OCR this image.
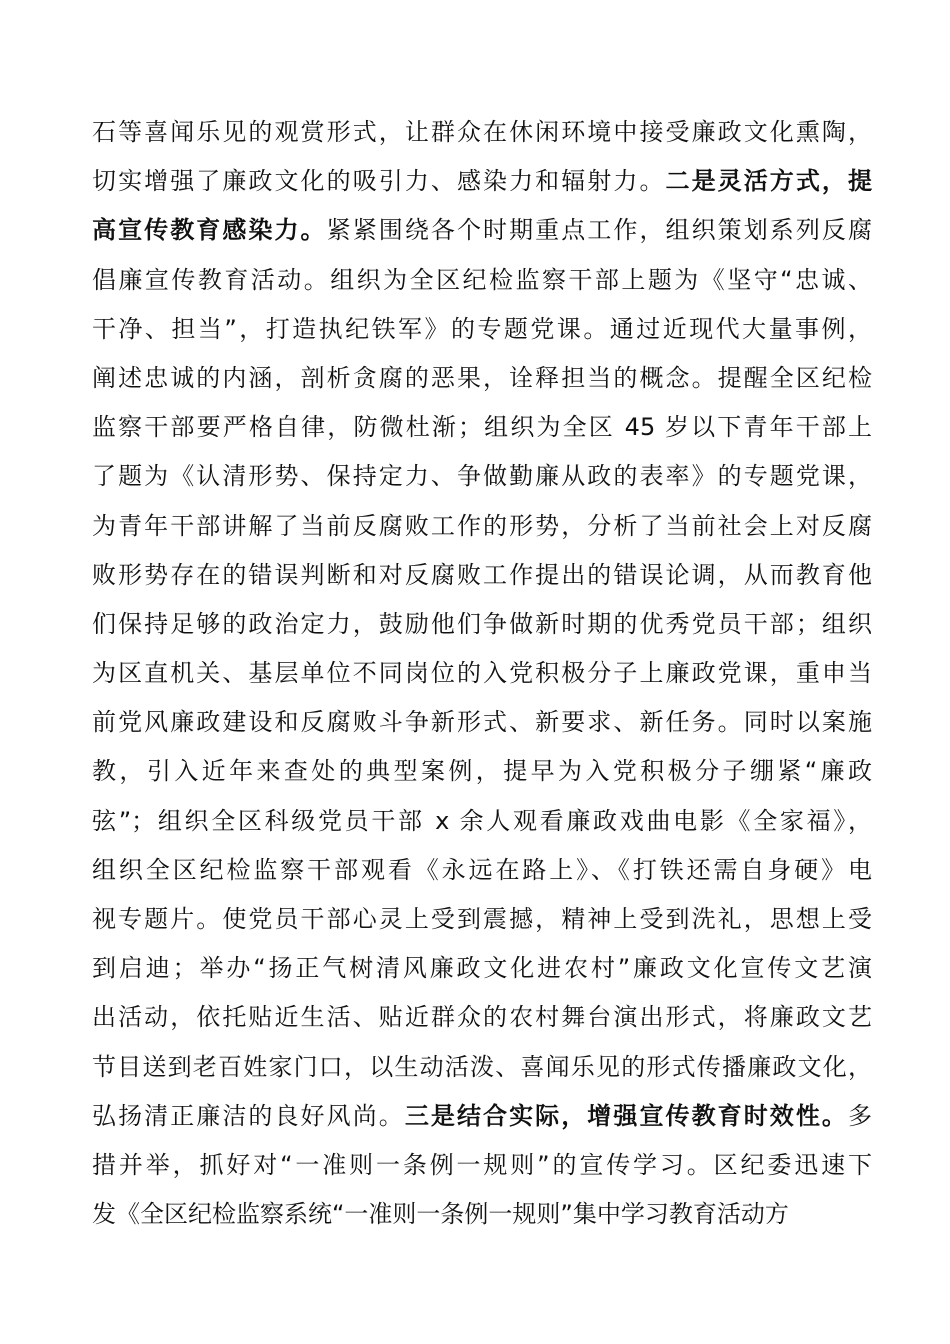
石等喜闻乐见的观赏形式，让群众在休闲环境中接受廉政文化熏陶，
切实增强了廉政文化的吸引力、感染力和辐射力。二是灵活方式，提
高宣传教育感染力。紧紧围绕各个时期重点工作，组织策划系列反腐
倡廉宣传教育活动。组织为全区纪检监察干部上题为《坚守“忠诚、
干净、担当”，打造执纪铁军》的专题党课。通过近现代大量事例，
阐述忠诚的内涵，剖析贪腐的恶果，诠释担当的概念。提醒全区纪检
监察干部要严格自律，防微杜渐；组织为全区 45 岁以下青年干部上
了题为《认清形势、保持定力、争做勤廉从政的表率》的专题党课，
为青年干部讲解了当前反腐败工作的形势，分析了当前社会上对反腐
败形势存在的错误判断和对反腐败工作提出的错误论调，从而教育他
们保持足够的政治定力，鼓励他们争做新时期的优秀党员干部；组织
为区直机关、基层单位不同岗位的入党积极分子上廉政党课，重申当
前党风廉政建设和反腐败斗争新形式、新要求、新任务。同时以案施
教，引入近年来查处的典型案例，提早为入党积极分子绷紧“廉政
弦”；组织全区科级党员干部 x 余人观看廉政戏曲电影《全家福》，
组织全区纪检监察干部观看《永远在路上》、《打铁还需自身硬》电
视专题片。使党员干部心灵上受到震撼，精神上受到洗礼，思想上受
到启迪；举办“扬正气树清风廉政文化进农村”廉政文化宣传文艺演
出活动，依托贴近生活、贴近群众的农村舞台演出形式，将廉政文艺
节目送到老百姓家门口，以生动活泼、喜闻乐见的形式传播廉政文化，
弘扬清正廉洁的良好风尚。三是结合实际，增强宣传教育时效性。多
措并举，抓好对“一准则一条例一规则”的宣传学习。区纪委迅速下
发《全区纪检监察系统“一准则一条例一规则”集中学习教育活动方
